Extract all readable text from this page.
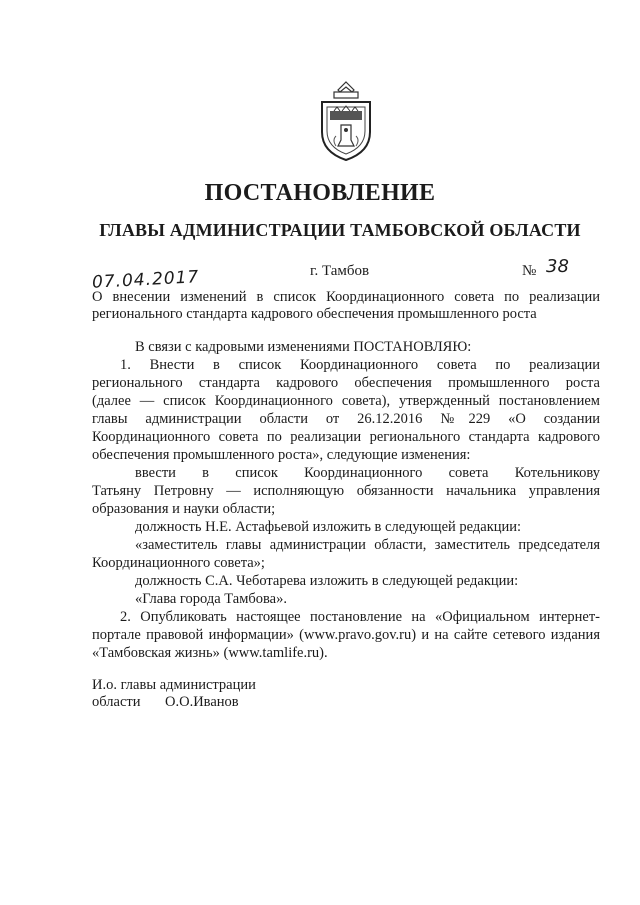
ПОСТАНОВЛЕНИЕ
ГЛАВЫ АДМИНИСТРАЦИИ ТАМБОВСКОЙ ОБЛАСТИ
07.04.2017	г. Тамбов	№ 38
О внесении изменений в список Координационного совета по реализации
регионального стандарта кадрового обеспечения промышленного роста
В связи с кадровыми изменениями ПОСТАНОВЛЯЮ:
1. Внести в список Координационного совета по реализации
регионального стандарта кадрового обеспечения промышленного роста
(далее — список Координационного совета), утвержденный постановлением
главы администрации области от 26.12.2016 №229 «О создании
Координационного совета по реализации регионального стандарта кадрового
обеспечения промышленного роста», следующие изменения:
ввести в список Координационного совета Котельникову
Татьяну Петровну — исполняющую обязанности начальника управления
образования и науки области;
должность Н.Е. Астафьевой изложить в следующей редакции:
«заместитель главы администрации области, заместитель председателя
Координационного совета»;
должность С.А. Чеботарева изложить в следующей редакции:
«Глава города Тамбова».
2. Опубликовать настоящее постановление на «Официальном интернет-
портале правовой информации» (www.pravo.gov.ru) и на сайте сетевого издания
«Тамбовская жизнь» (www.tamlife.ru).
И.о. главы администрации
области О.О.Иванов
